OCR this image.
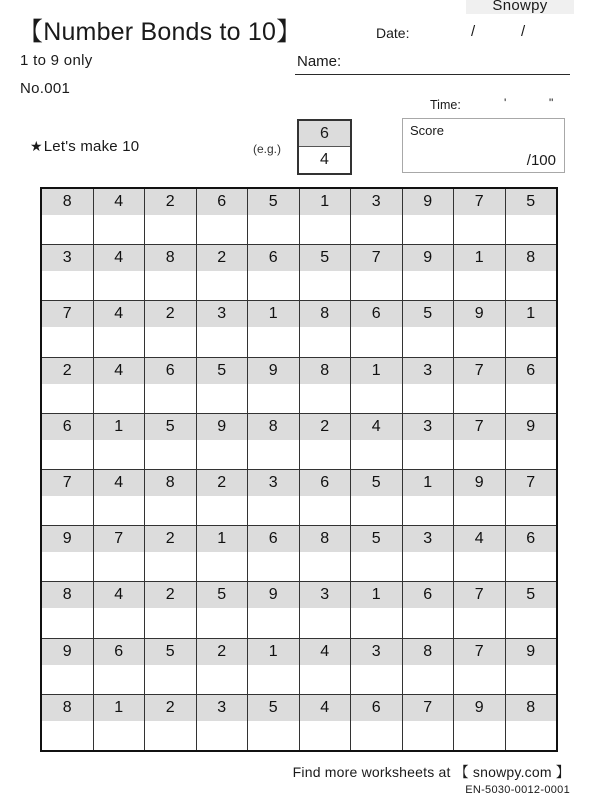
Snowpy
【Number Bonds to 10】
1 to 9 only
No.001
Date:	/	/
Name:
Time:	'	"
Score
/100
★ Let's make 10	(e.g.)
6
4
8	4	2	6	5	1	3	9	7	5
3	4	8	2	6	5	7	9	1	8
7	4	2	3	1	8	6	5	9	1
2	4	6	5	9	8	1	3	7	6
6	1	5	9	8	2	4	3	7	9
7	4	8	2	3	6	5	1	9	7
9	7	2	1	6	8	5	3	4	6
8	4	2	5	9	3	1	6	7	5
9	6	5	2	1	4	3	8	7	9
8	1	2	3	5	4	6	7	9	8
Find more worksheets at 【 snowpy.com 】
EN-5030-0012-0001
